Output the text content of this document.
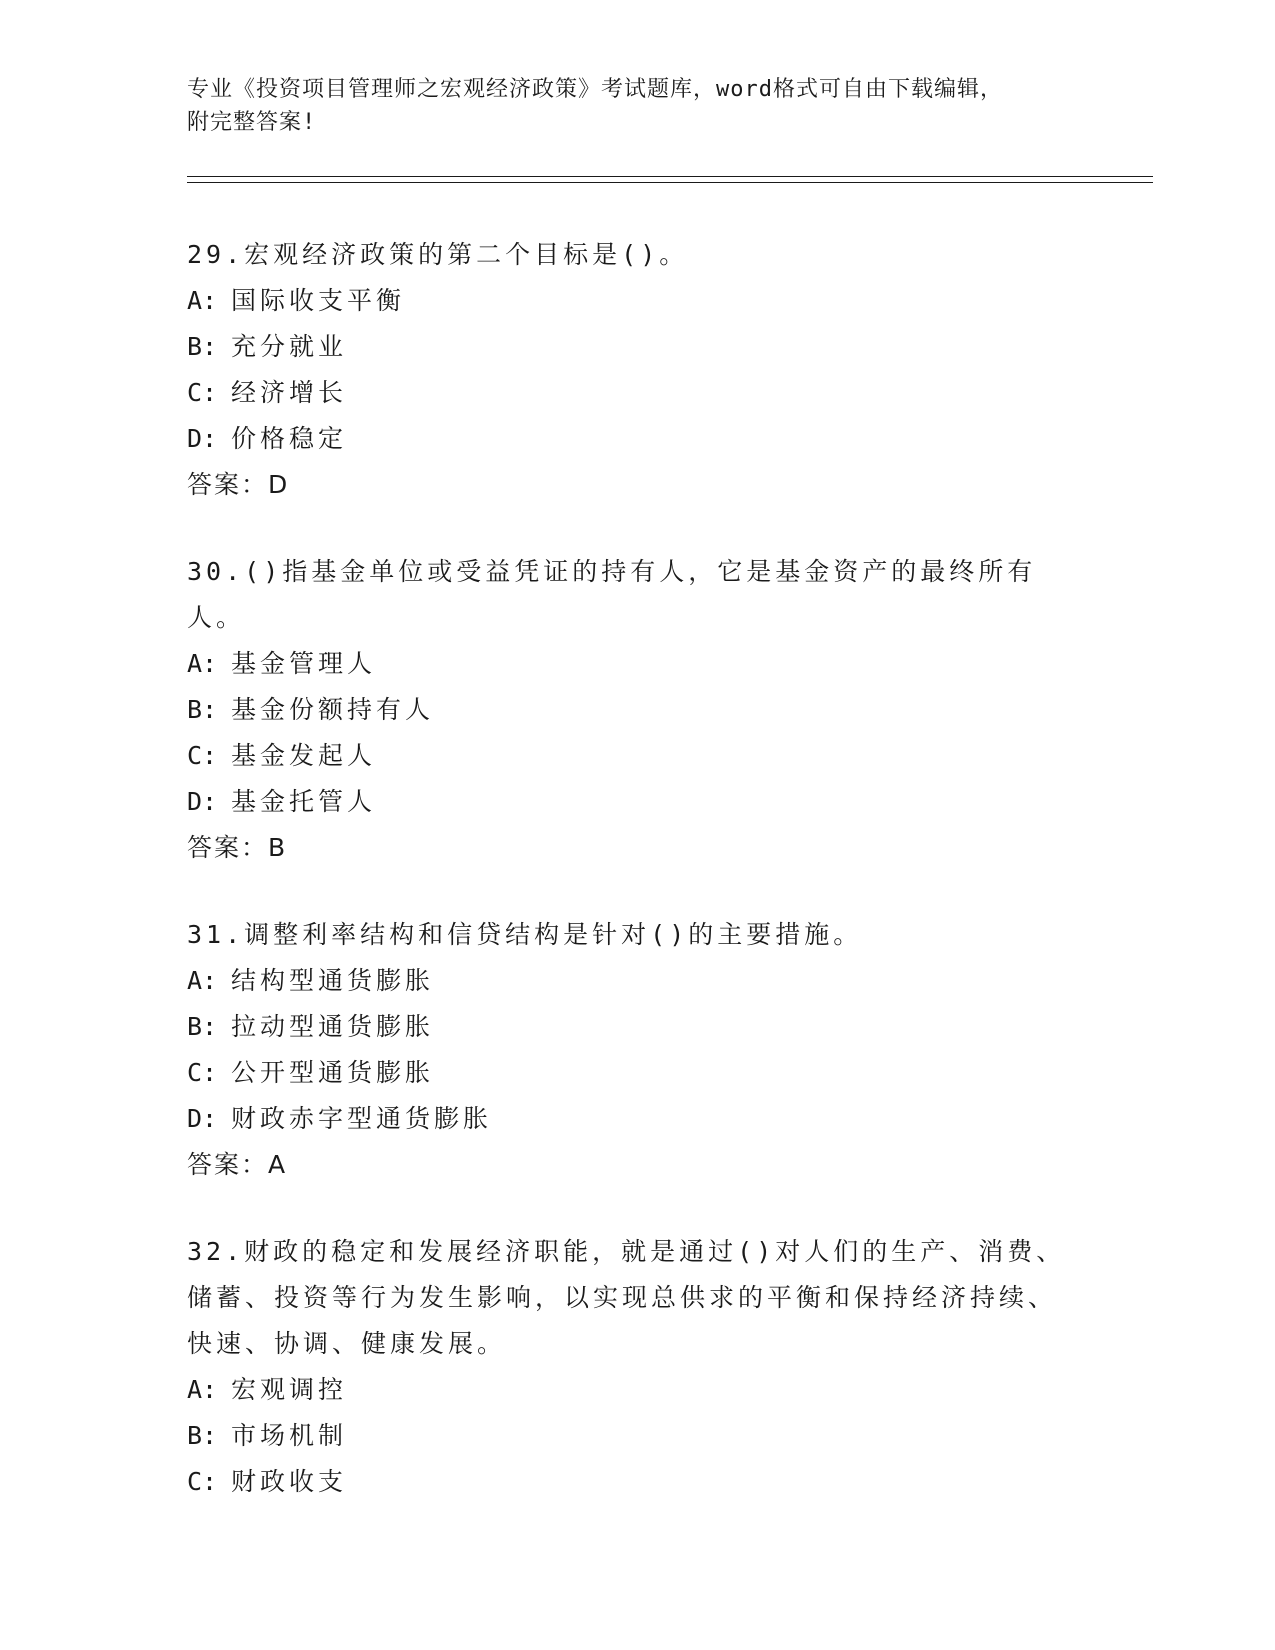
专业《投资项目管理师之宏观经济政策》考试题库，word格式可自由下载编辑，
附完整答案!

29.宏观经济政策的第二个目标是()。

A: 国际收支平衡

B: 充分就业

C: 经济增长

D: 价格稳定

答案：D

30.()指基金单位或受益凭证的持有人，它是基金资产的最终所有人。

A: 基金管理人

B: 基金份额持有人

C: 基金发起人

D: 基金托管人

答案：B

31.调整利率结构和信贷结构是针对()的主要措施。

A: 结构型通货膨胀

B: 拉动型通货膨胀

C: 公开型通货膨胀

D: 财政赤字型通货膨胀

答案：A

32.财政的稳定和发展经济职能，就是通过()对人们的生产、消费、储蓄、投资等行为发生影响，以实现总供求的平衡和保持经济持续、快速、协调、健康发展。

A: 宏观调控

B: 市场机制

C: 财政收支
